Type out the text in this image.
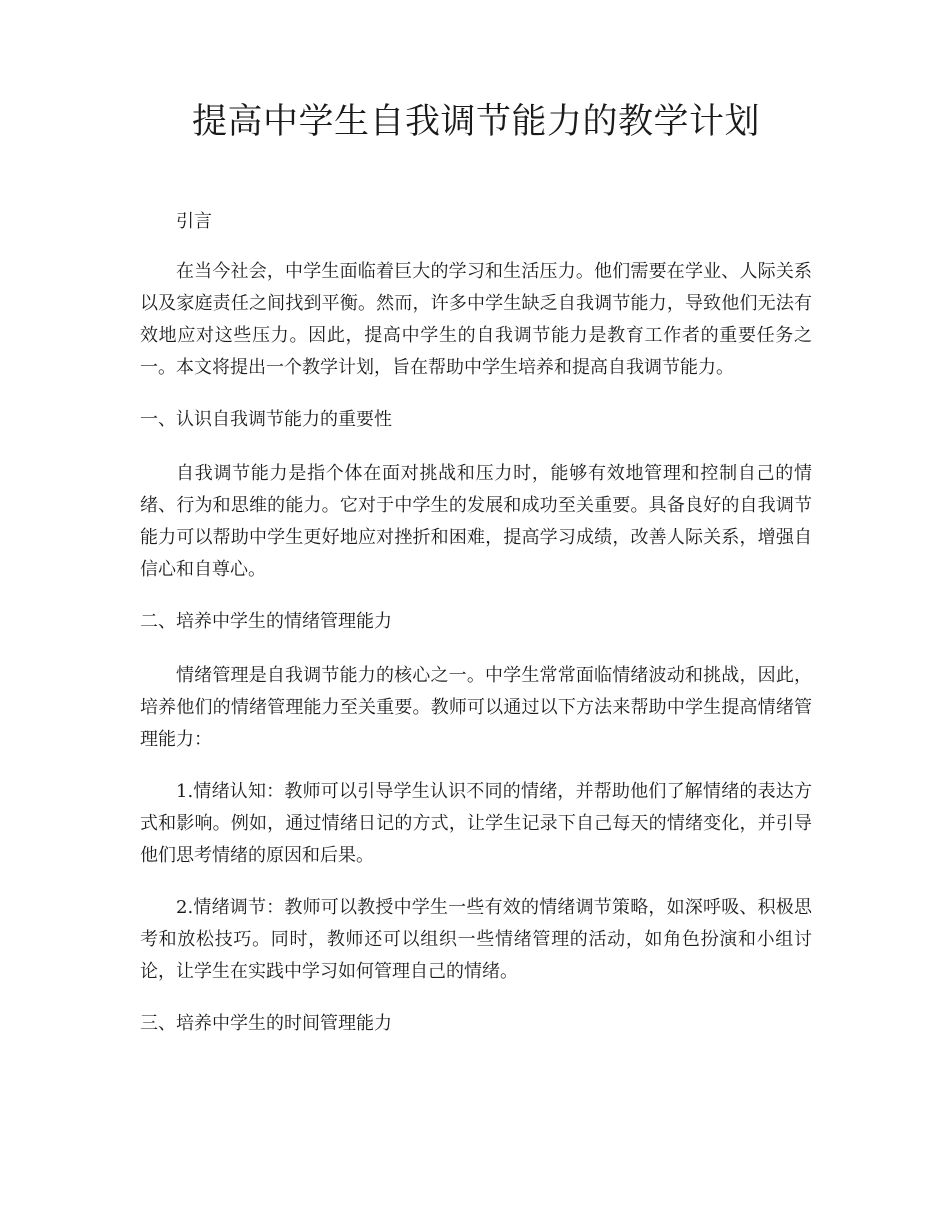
提高中学生自我调节能力的教学计划

引言

在当今社会，中学生面临着巨大的学习和生活压力。他们需要在学业、人际关系以及家庭责任之间找到平衡。然而，许多中学生缺乏自我调节能力，导致他们无法有效地应对这些压力。因此，提高中学生的自我调节能力是教育工作者的重要任务之一。本文将提出一个教学计划，旨在帮助中学生培养和提高自我调节能力。

一、认识自我调节能力的重要性

自我调节能力是指个体在面对挑战和压力时，能够有效地管理和控制自己的情绪、行为和思维的能力。它对于中学生的发展和成功至关重要。具备良好的自我调节能力可以帮助中学生更好地应对挫折和困难，提高学习成绩，改善人际关系，增强自信心和自尊心。

二、培养中学生的情绪管理能力

情绪管理是自我调节能力的核心之一。中学生常常面临情绪波动和挑战，因此，培养他们的情绪管理能力至关重要。教师可以通过以下方法来帮助中学生提高情绪管理能力：

1.情绪认知：教师可以引导学生认识不同的情绪，并帮助他们了解情绪的表达方式和影响。例如，通过情绪日记的方式，让学生记录下自己每天的情绪变化，并引导他们思考情绪的原因和后果。

2.情绪调节：教师可以教授中学生一些有效的情绪调节策略，如深呼吸、积极思考和放松技巧。同时，教师还可以组织一些情绪管理的活动，如角色扮演和小组讨论，让学生在实践中学习如何管理自己的情绪。

三、培养中学生的时间管理能力
